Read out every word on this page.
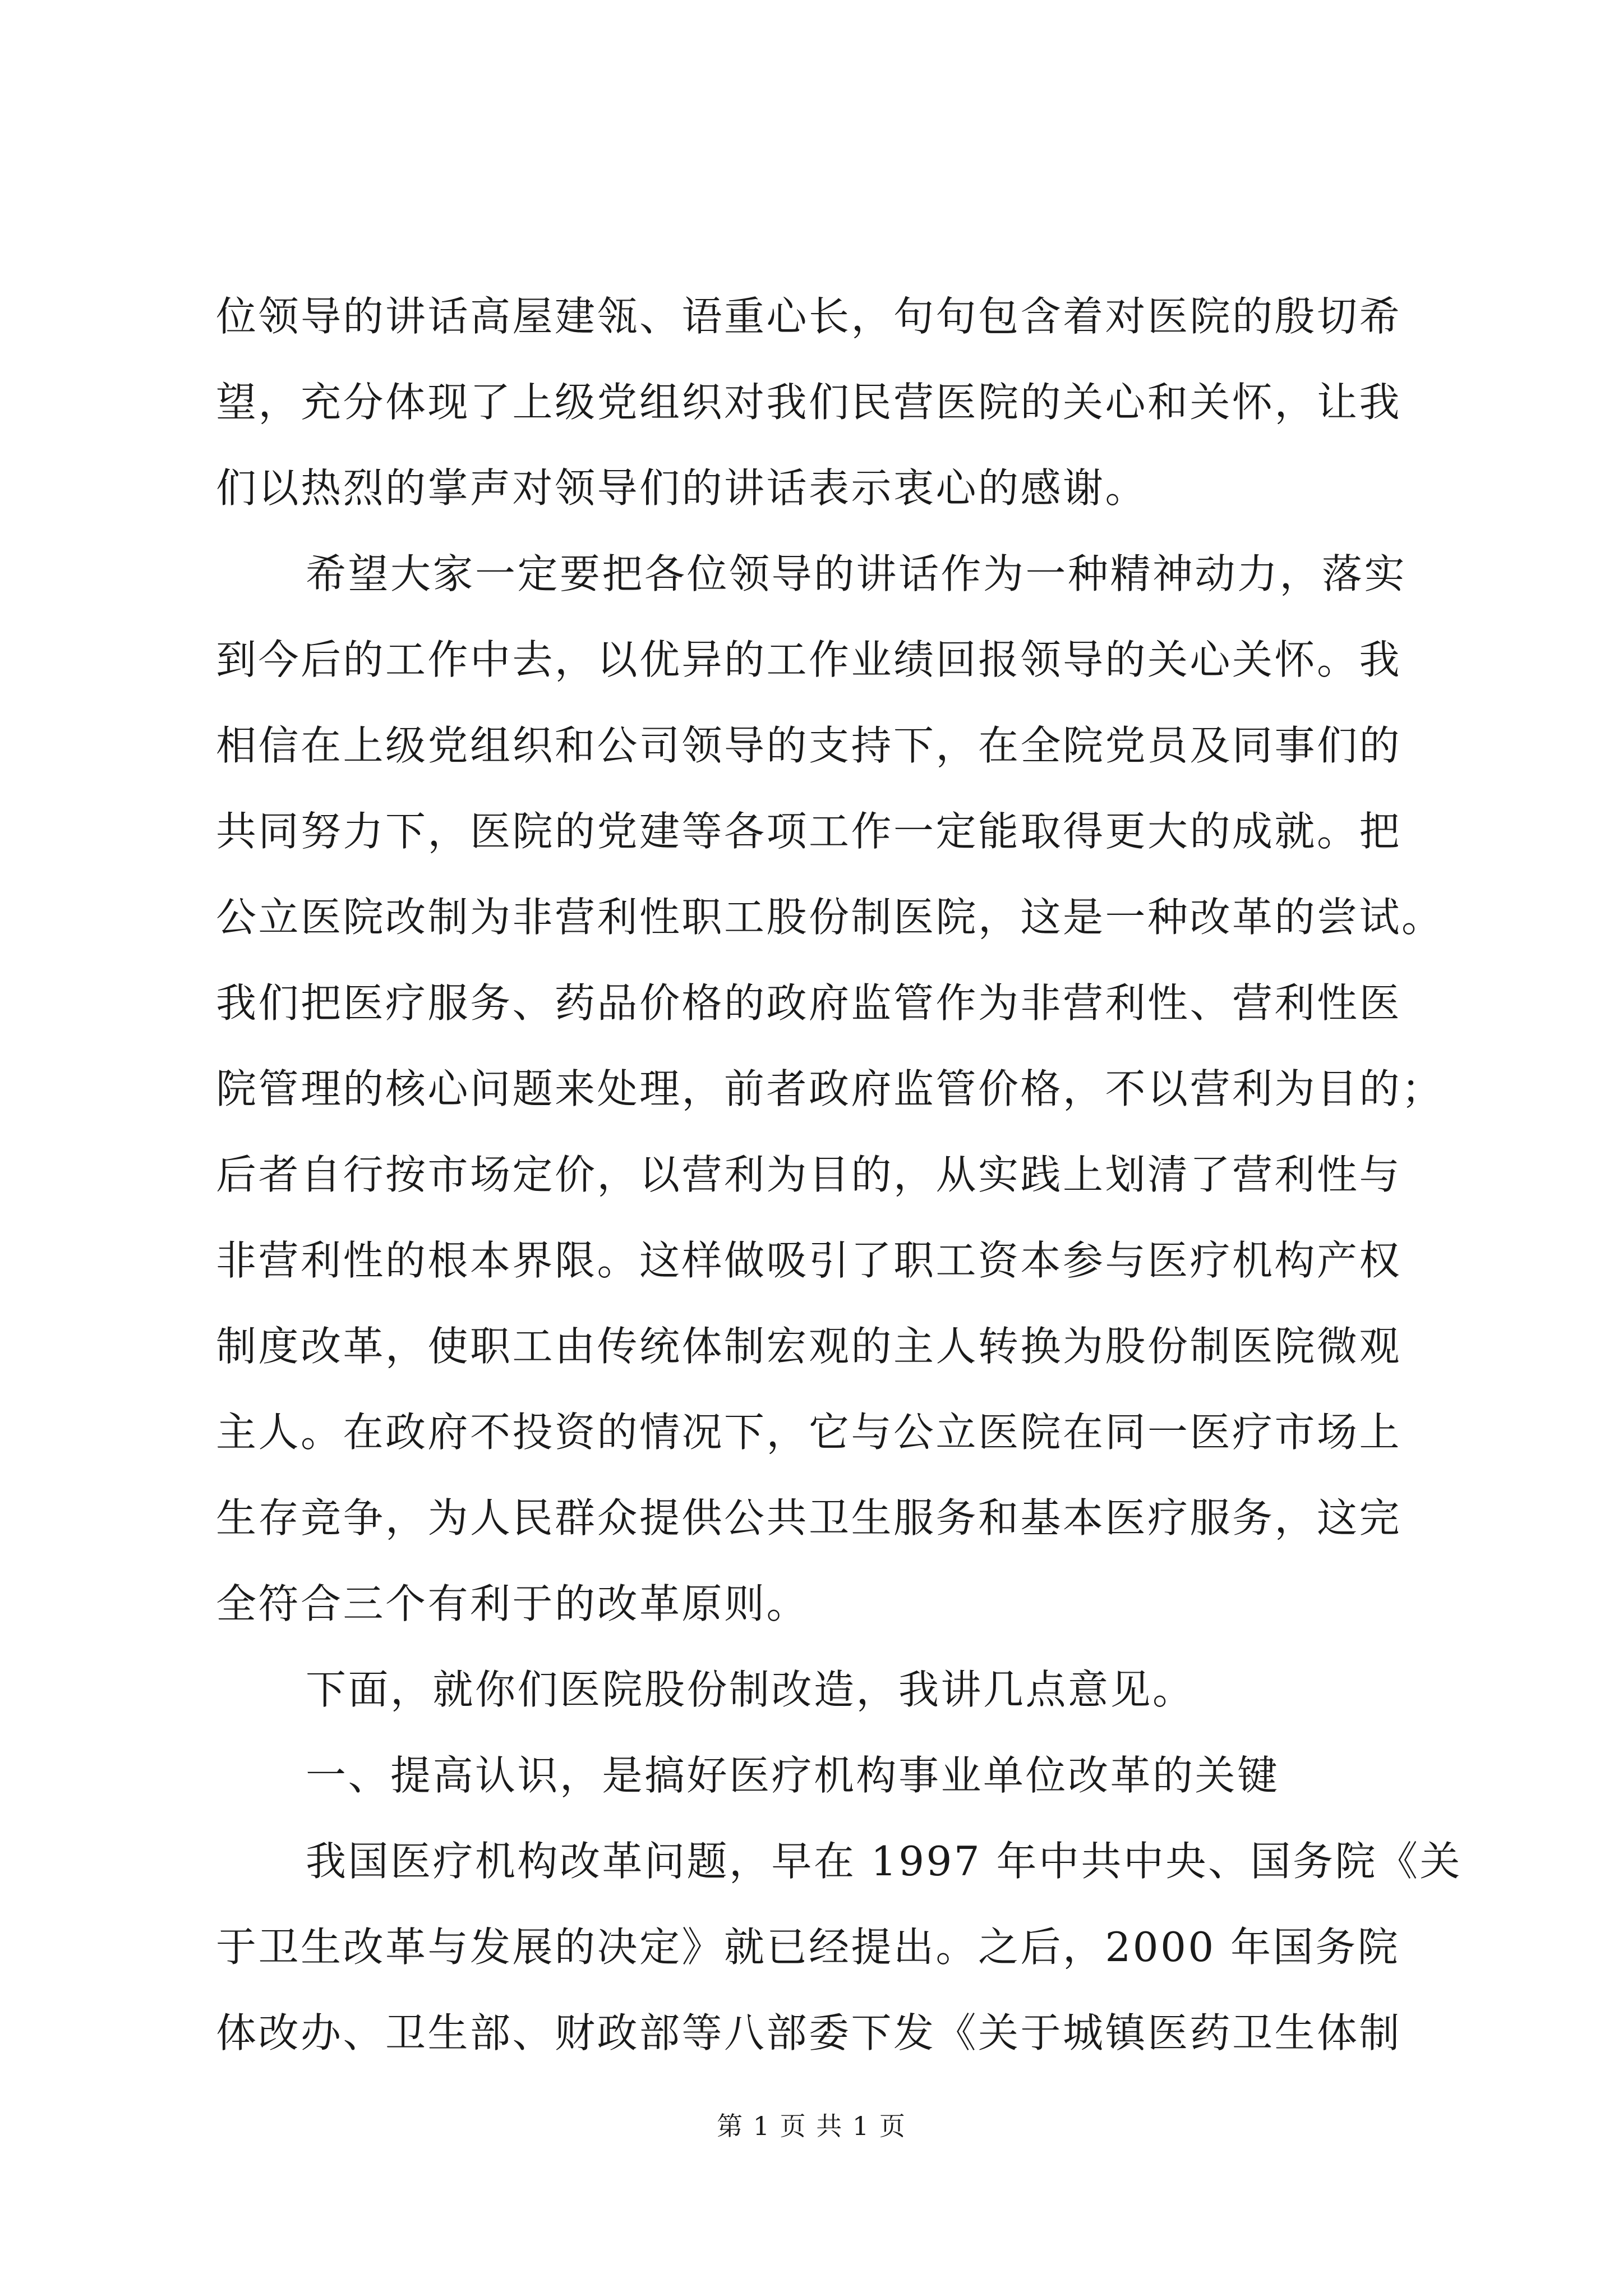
位领导的讲话高屋建瓴、语重心长，句句包含着对医院的殷切希
望，充分体现了上级党组织对我们民营医院的关心和关怀，让我
们以热烈的掌声对领导们的讲话表示衷心的感谢。
希望大家一定要把各位领导的讲话作为一种精神动力，落实
到今后的工作中去，以优异的工作业绩回报领导的关心关怀。我
相信在上级党组织和公司领导的支持下，在全院党员及同事们的
共同努力下，医院的党建等各项工作一定能取得更大的成就。把
公立医院改制为非营利性职工股份制医院，这是一种改革的尝试。
我们把医疗服务、药品价格的政府监管作为非营利性、营利性医
院管理的核心问题来处理，前者政府监管价格，不以营利为目的；
后者自行按市场定价，以营利为目的，从实践上划清了营利性与
非营利性的根本界限。这样做吸引了职工资本参与医疗机构产权
制度改革，使职工由传统体制宏观的主人转换为股份制医院微观
主人。在政府不投资的情况下，它与公立医院在同一医疗市场上
生存竞争，为人民群众提供公共卫生服务和基本医疗服务，这完
全符合三个有利于的改革原则。
下面，就你们医院股份制改造，我讲几点意见。
一、提高认识，是搞好医疗机构事业单位改革的关键
我国医疗机构改革问题，早在 1997 年中共中央、国务院《关
于卫生改革与发展的决定》就已经提出。之后，2000 年国务院
体改办、卫生部、财政部等八部委下发《关于城镇医药卫生体制
第 1 页 共 1 页
